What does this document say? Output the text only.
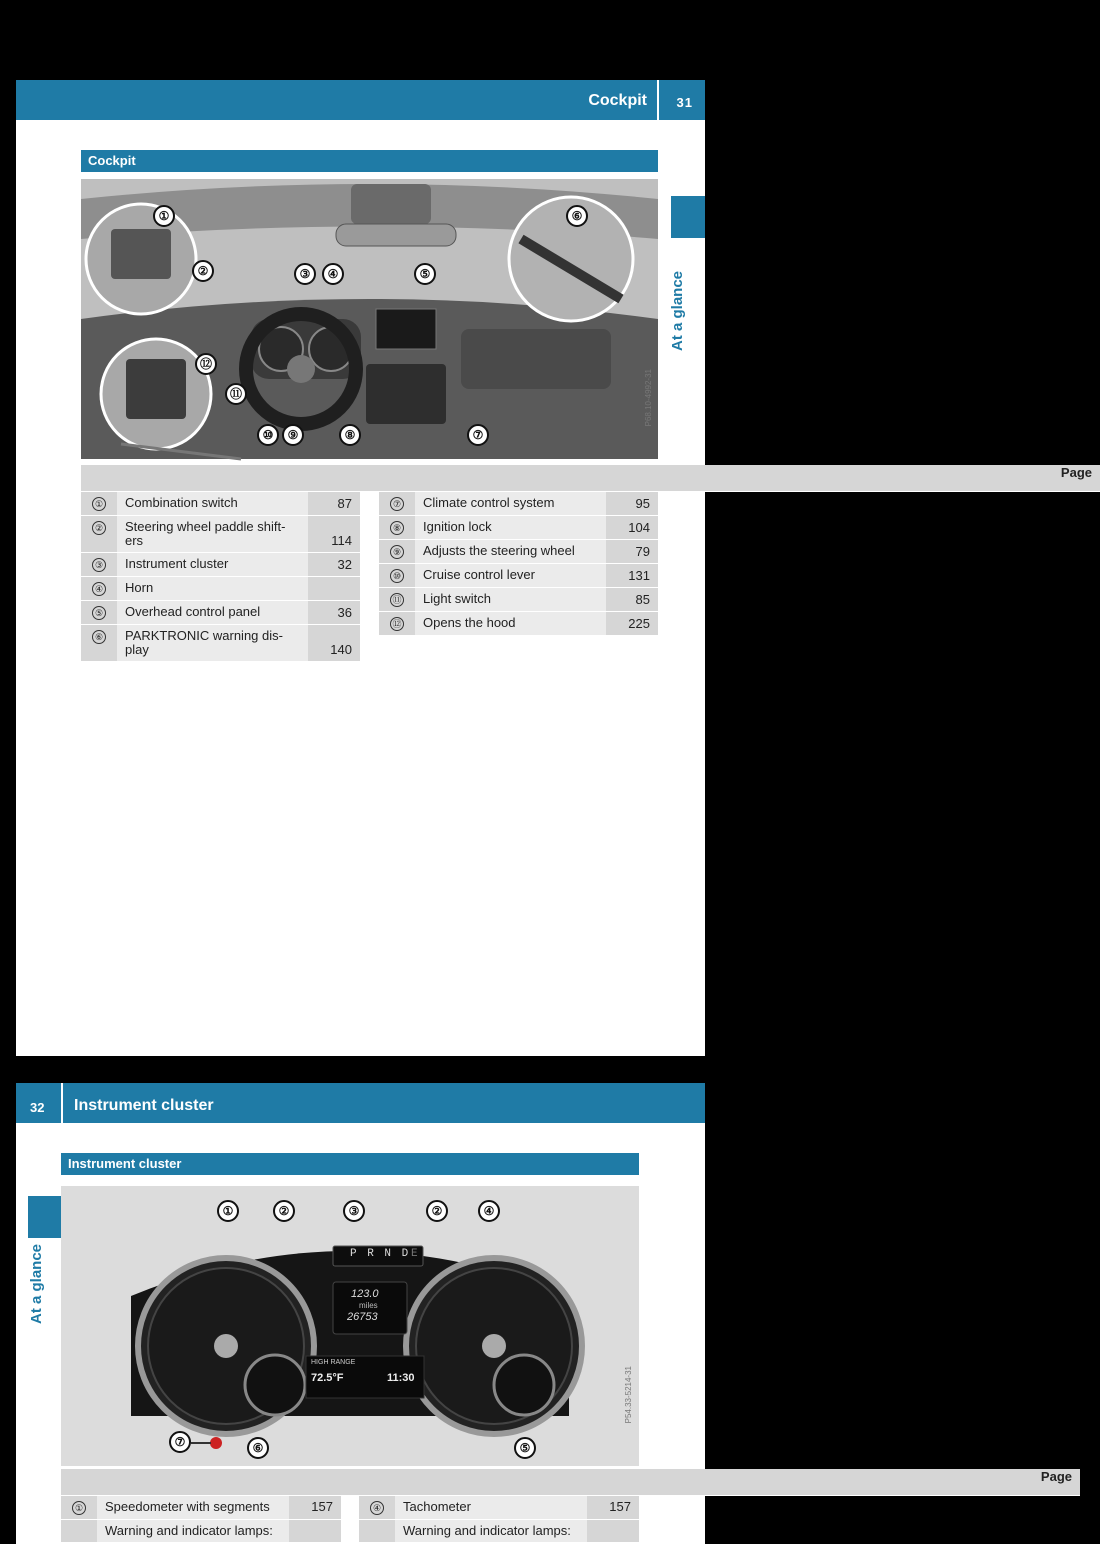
Cockpit 31
Cockpit
At a glance
①
②	③	④	⑤
⑥
⑦
⑧
⑨
⑩
⑪
⑫
P68.10-4992-31

①	Combination switch	87
②	Steering wheel paddle shift-ers	114
③	Instrument cluster	32
④	Horn	
⑤	Overhead control panel	36
⑥	PARKTRONIC warning dis-play	140

Page

⑦	Climate control system	95
⑧	Ignition lock	104
⑨	Adjusts the steering wheel	79
⑩	Cruise control lever	131
⑪	Light switch	85
⑫	Opens the hood	225
32 Instrument cluster
Instrument cluster
At a glance	P R N D E
123.0
miles
26753
HIGH RANGE
72.5°F	11:30
①	②	③	②	④
⑤
⑥
⑦
P54.33-5214-31

①	Speedometer with segments	157
	Warning and indicator lamps:	

Page

④	Tachometer	157
	Warning and indicator lamps:	
